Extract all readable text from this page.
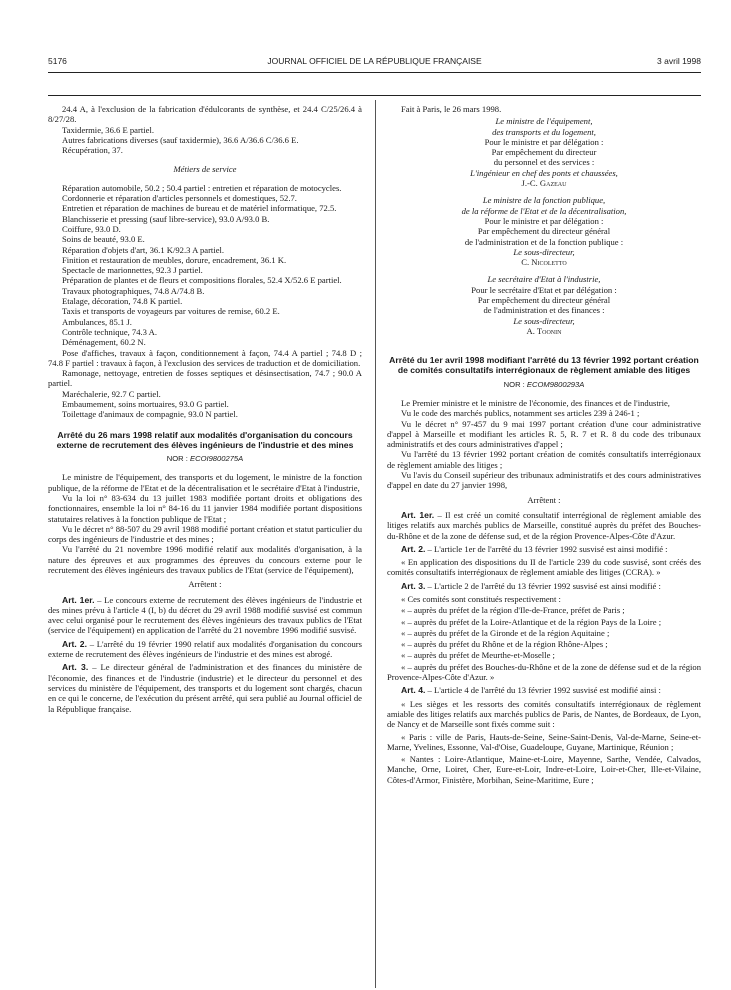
5176	JOURNAL OFFICIEL DE LA RÉPUBLIQUE FRANÇAISE	3 avril 1998

24.4 A, à l'exclusion de la fabrication d'édulcorants de synthèse, et 24.4 C/25/26.4 à 8/27/28.

Taxidermie, 36.6 E partiel.

Autres fabrications diverses (sauf taxidermie), 36.6 A/36.6 C/36.6 E.

Récupération, 37.

Métiers de service

Réparation automobile, 50.2 ; 50.4 partiel : entretien et réparation de motocycles.

Cordonnerie et réparation d'articles personnels et domestiques, 52.7.

Entretien et réparation de machines de bureau et de matériel informatique, 72.5.

Blanchisserie et pressing (sauf libre-service), 93.0 A/93.0 B.

Coiffure, 93.0 D.

Soins de beauté, 93.0 E.

Réparation d'objets d'art, 36.1 K/92.3 A partiel.

Finition et restauration de meubles, dorure, encadrement, 36.1 K.

Spectacle de marionnettes, 92.3 J partiel.

Préparation de plantes et de fleurs et compositions florales, 52.4 X/52.6 E partiel.

Travaux photographiques, 74.8 A/74.8 B.

Etalage, décoration, 74.8 K partiel.

Taxis et transports de voyageurs par voitures de remise, 60.2 E.

Ambulances, 85.1 J.

Contrôle technique, 74.3 A.

Déménagement, 60.2 N.

Pose d'affiches, travaux à façon, conditionnement à façon, 74.4 A partiel ; 74.8 D ; 74.8 F partiel : travaux à façon, à l'exclusion des services de traduction et de domiciliation.

Ramonage, nettoyage, entretien de fosses septiques et désinsectisation, 74.7 ; 90.0 A partiel.

Maréchalerie, 92.7 C partiel.

Embaumement, soins mortuaires, 93.0 G partiel.

Toilettage d'animaux de compagnie, 93.0 N partiel.

Arrêté du 26 mars 1998 relatif aux modalités d'organisation du concours externe de recrutement des élèves ingénieurs de l'industrie et des mines

NOR : ECOI9800275A

Le ministre de l'équipement, des transports et du logement, le ministre de la fonction publique, de la réforme de l'Etat et de la décentralisation et le secrétaire d'Etat à l'industrie,

Vu la loi n° 83-634 du 13 juillet 1983 modifiée portant droits et obligations des fonctionnaires, ensemble la loi n° 84-16 du 11 janvier 1984 modifiée portant dispositions statutaires relatives à la fonction publique de l'Etat ;

Vu le décret n° 88-507 du 29 avril 1988 modifié portant création et statut particulier du corps des ingénieurs de l'industrie et des mines ;

Vu l'arrêté du 21 novembre 1996 modifié relatif aux modalités d'organisation, à la nature des épreuves et aux programmes des épreuves du concours externe pour le recrutement des élèves ingénieurs des travaux publics de l'Etat (service de l'équipement),

Arrêtent :

Art. 1er. – Le concours externe de recrutement des élèves ingénieurs de l'industrie et des mines prévu à l'article 4 (I, b) du décret du 29 avril 1988 modifié susvisé est commun avec celui organisé pour le recrutement des élèves ingénieurs des travaux publics de l'Etat (service de l'équipement) en application de l'arrêté du 21 novembre 1996 modifié susvisé.

Art. 2. – L'arrêté du 19 février 1990 relatif aux modalités d'organisation du concours externe de recrutement des élèves ingénieurs de l'industrie et des mines est abrogé.

Art. 3. – Le directeur général de l'administration et des finances du ministère de l'économie, des finances et de l'industrie (industrie) et le directeur du personnel et des services du ministère de l'équipement, des transports et du logement sont chargés, chacun en ce qui le concerne, de l'exécution du présent arrêté, qui sera publié au Journal officiel de la République française.

Fait à Paris, le 26 mars 1998.

Le ministre de l'équipement,

des transports et du logement,

Pour le ministre et par délégation :

Par empêchement du directeur

du personnel et des services :

L'ingénieur en chef des ponts et chaussées,

J.-C. Gazeau

Le ministre de la fonction publique,

de la réforme de l'Etat et de la décentralisation,

Pour le ministre et par délégation :

Par empêchement du directeur général

de l'administration et de la fonction publique :

Le sous-directeur,

C. Nicoletto

Le secrétaire d'Etat à l'industrie,

Pour le secrétaire d'Etat et par délégation :

Par empêchement du directeur général

de l'administration et des finances :

Le sous-directeur,

A. Toonin

Arrêté du 1er avril 1998 modifiant l'arrêté du 13 février 1992 portant création de comités consultatifs interrégionaux de règlement amiable des litiges

NOR : ECOM9800293A

Le Premier ministre et le ministre de l'économie, des finances et de l'industrie,

Vu le code des marchés publics, notamment ses articles 239 à 246-1 ;

Vu le décret n° 97-457 du 9 mai 1997 portant création d'une cour administrative d'appel à Marseille et modifiant les articles R. 5, R. 7 et R. 8 du code des tribunaux administratifs et des cours administratives d'appel ;

Vu l'arrêté du 13 février 1992 portant création de comités consultatifs interrégionaux de règlement amiable des litiges ;

Vu l'avis du Conseil supérieur des tribunaux administratifs et des cours administratives d'appel en date du 27 janvier 1998,

Arrêtent :

Art. 1er. – Il est créé un comité consultatif interrégional de règlement amiable des litiges relatifs aux marchés publics de Marseille, constitué auprès du préfet des Bouches-du-Rhône et de la zone de défense sud, et de la région Provence-Alpes-Côte d'Azur.

Art. 2. – L'article 1er de l'arrêté du 13 février 1992 susvisé est ainsi modifié :

« En application des dispositions du II de l'article 239 du code susvisé, sont créés des comités consultatifs interrégionaux de règlement amiable des litiges (CCRA). »

Art. 3. – L'article 2 de l'arrêté du 13 février 1992 susvisé est ainsi modifié :

« Ces comités sont constitués respectivement :

« – auprès du préfet de la région d'Ile-de-France, préfet de Paris ;

« – auprès du préfet de la Loire-Atlantique et de la région Pays de la Loire ;

« – auprès du préfet de la Gironde et de la région Aquitaine ;

« – auprès du préfet du Rhône et de la région Rhône-Alpes ;

« – auprès du préfet de Meurthe-et-Moselle ;

« – auprès du préfet des Bouches-du-Rhône et de la zone de défense sud et de la région Provence-Alpes-Côte d'Azur. »

Art. 4. – L'article 4 de l'arrêté du 13 février 1992 susvisé est modifié ainsi :

« Les sièges et les ressorts des comités consultatifs interrégionaux de règlement amiable des litiges relatifs aux marchés publics de Paris, de Nantes, de Bordeaux, de Lyon, de Nancy et de Marseille sont fixés comme suit :

« Paris : ville de Paris, Hauts-de-Seine, Seine-Saint-Denis, Val-de-Marne, Seine-et-Marne, Yvelines, Essonne, Val-d'Oise, Guadeloupe, Guyane, Martinique, Réunion ;

« Nantes : Loire-Atlantique, Maine-et-Loire, Mayenne, Sarthe, Vendée, Calvados, Manche, Orne, Loiret, Cher, Eure-et-Loir, Indre-et-Loire, Loir-et-Cher, Ille-et-Vilaine, Côtes-d'Armor, Finistère, Morbihan, Seine-Maritime, Eure ;
